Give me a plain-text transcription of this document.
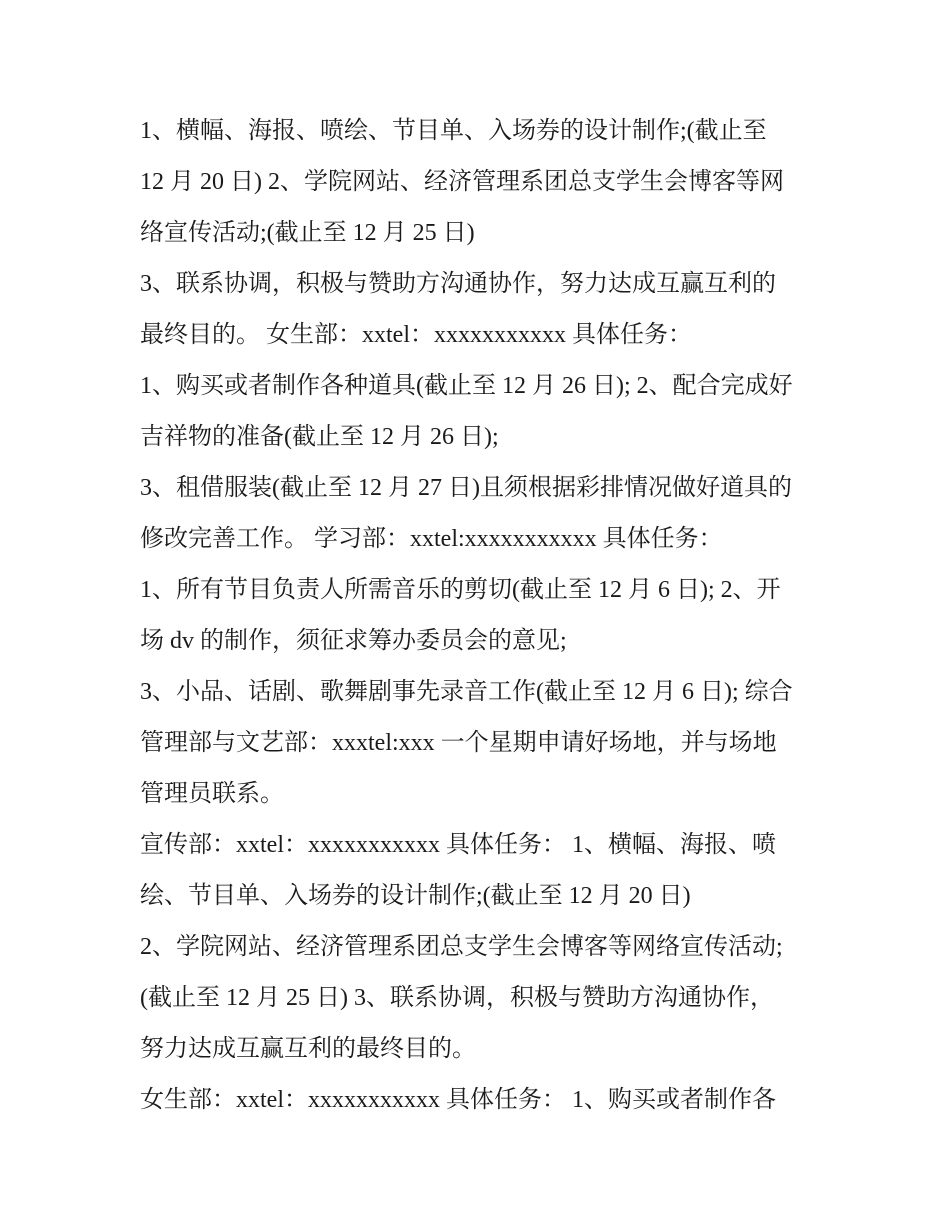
1、横幅、海报、喷绘、节目单、入场券的设计制作;(截止至
12 月 20 日) 2、学院网站、经济管理系团总支学生会博客等网
络宣传活动;(截止至 12 月 25 日)
3、联系协调，积极与赞助方沟通协作，努力达成互赢互利的
最终目的。 女生部：xxtel：xxxxxxxxxxx 具体任务：
1、购买或者制作各种道具(截止至 12 月 26 日); 2、配合完成好
吉祥物的准备(截止至 12 月 26 日);
3、租借服装(截止至 12 月 27 日)且须根据彩排情况做好道具的
修改完善工作。 学习部：xxtel:xxxxxxxxxxx 具体任务：
1、所有节目负责人所需音乐的剪切(截止至 12 月 6 日); 2、开
场 dv 的制作，须征求筹办委员会的意见;
3、小品、话剧、歌舞剧事先录音工作(截止至 12 月 6 日); 综合
管理部与文艺部：xxxtel:xxx 一个星期申请好场地，并与场地
管理员联系。
宣传部：xxtel：xxxxxxxxxxx 具体任务： 1、横幅、海报、喷
绘、节目单、入场券的设计制作;(截止至 12 月 20 日)
2、学院网站、经济管理系团总支学生会博客等网络宣传活动;
(截止至 12 月 25 日) 3、联系协调，积极与赞助方沟通协作，
努力达成互赢互利的最终目的。
女生部：xxtel：xxxxxxxxxxx 具体任务： 1、购买或者制作各
